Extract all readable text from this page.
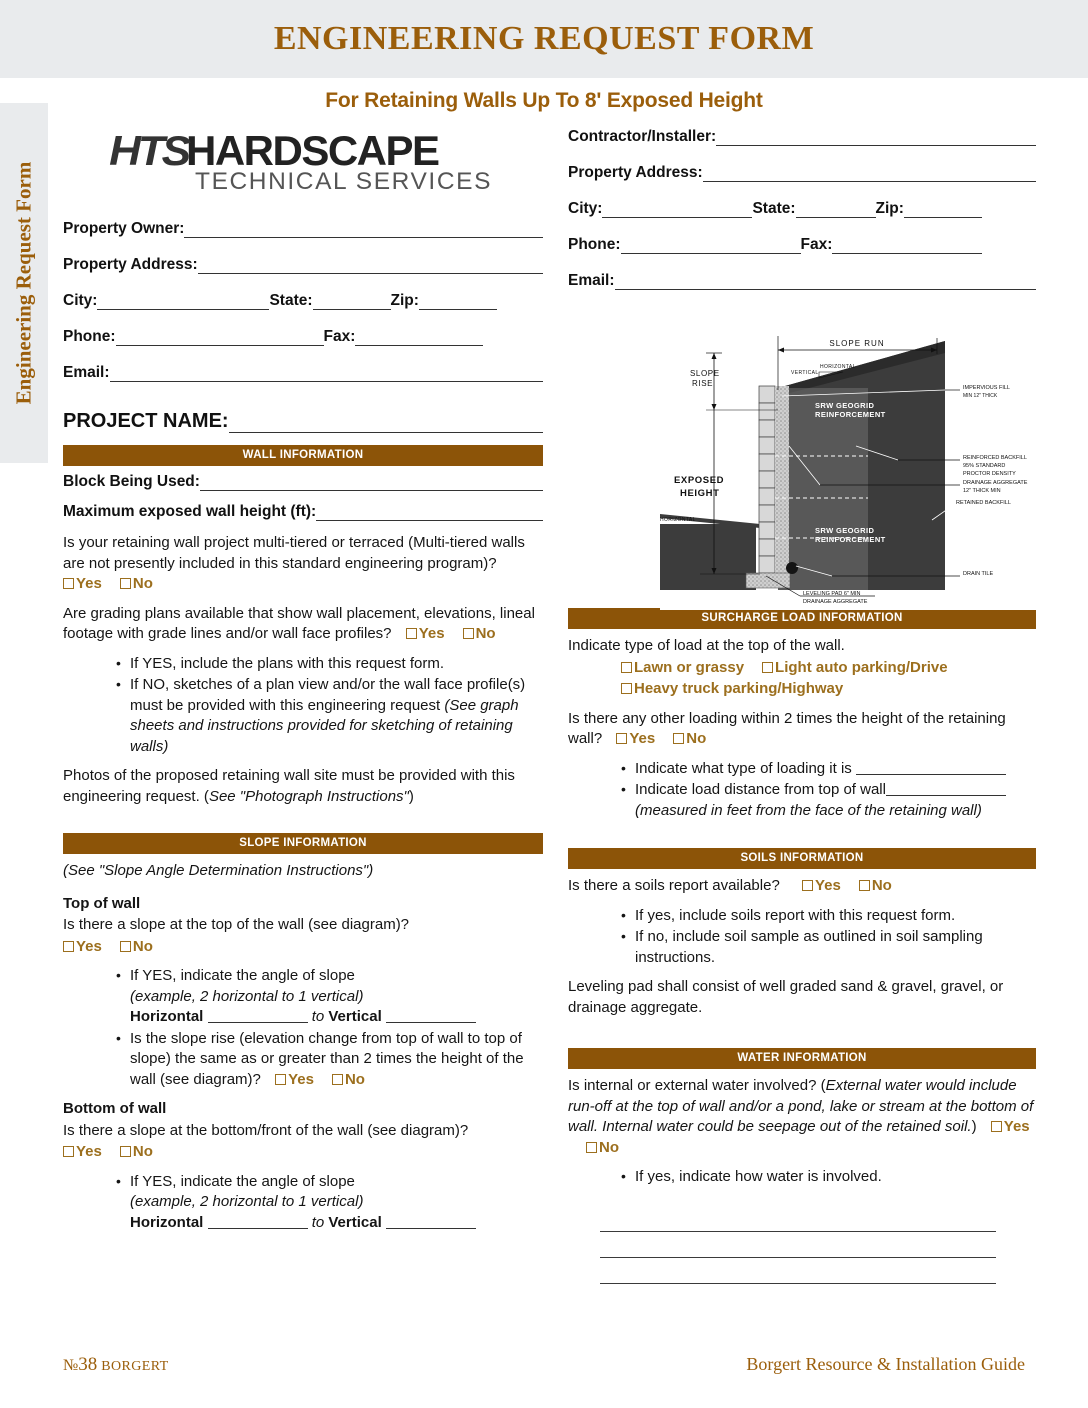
ENGINEERING REQUEST FORM
For Retaining Walls Up To 8' Exposed Height
Engineering Request Form
HTSHARDSCAPE
TECHNICAL SERVICES
Property Owner:
Property Address:
City:	State:	Zip:
Phone:	Fax:
Email:
PROJECT NAME:
WALL INFORMATION
Block Being Used:
Maximum exposed wall height (ft):

Is your retaining wall project multi-tiered or terraced (Multi-tiered walls are not presently included in this standard engineering program)? Yes No

Are grading plans available that show wall placement, elevations, lineal footage with grade lines and/or wall face profiles? Yes No

• If YES, include the plans with this request form.
• If NO, sketches of a plan view and/or the wall face profile(s) must be provided with this engineering request (See graph sheets and instructions provided for sketching of retaining walls)

Photos of the proposed retaining wall site must be provided with this engineering request. (See "Photograph Instructions")

SLOPE INFORMATION

(See "Slope Angle Determination Instructions")

Top of wall

Is there a slope at the top of the wall (see diagram)?

Yes No

• If YES, indicate the angle of slope
(example, 2 horizontal to 1 vertical)
Horizontal	to Vertical
• Is the slope rise (elevation change from top of wall to top of slope) the same as or greater than 2 times the height of the wall (see diagram)? Yes No

Bottom of wall

Is there a slope at the bottom/front of the wall (see diagram)?

Yes No

• If YES, indicate the angle of slope
(example, 2 horizontal to 1 vertical)
Horizontal	to Vertical
Contractor/Installer:
Property Address:
City:	State:	Zip:
Phone:	Fax:
Email:
SURCHARGE LOAD INFORMATION

Indicate type of load at the top of the wall.

Lawn or grassy Light auto parking/Drive

Heavy truck parking/Highway

Is there any other loading within 2 times the height of the retaining wall? Yes No

• Indicate what type of loading it is
• Indicate load distance from top of wall
(measured in feet from the face of the retaining wall)
SOILS INFORMATION

Is there a soils report available? Yes No

• If yes, include soils report with this request form.
• If no, include soil sample as outlined in soil sampling instructions.

Leveling pad shall consist of well graded sand & gravel, gravel, or drainage aggregate.

WATER INFORMATION

Is internal or external water involved? (External water would include run-off at the top of wall and/or a pond, lake or stream at the bottom of wall. Internal water could be seepage out of the retained soil.) YesNo

• If yes, indicate how water is involved.
SLOPE RUN
SLOPE
RISE
VERTICAL
HORIZONTAL
EXPOSED
HEIGHT
HORIZONTAL
SRW GEOGRID
REINFORCEMENT
SRW GEOGRID
REINFORCEMENT
IMPERVIOUS FILL
MIN 12" THICK
REINFORCED BACKFILL
95% STANDARD
PROCTOR DENSITY
DRAINAGE AGGREGATE
12" THICK MIN
RETAINED BACKFILL
DRAIN TILE
LEVELING PAD 6" MIN
DRAINAGE AGGREGATE
№38 BORGERT	Borgert Resource & Installation Guide
